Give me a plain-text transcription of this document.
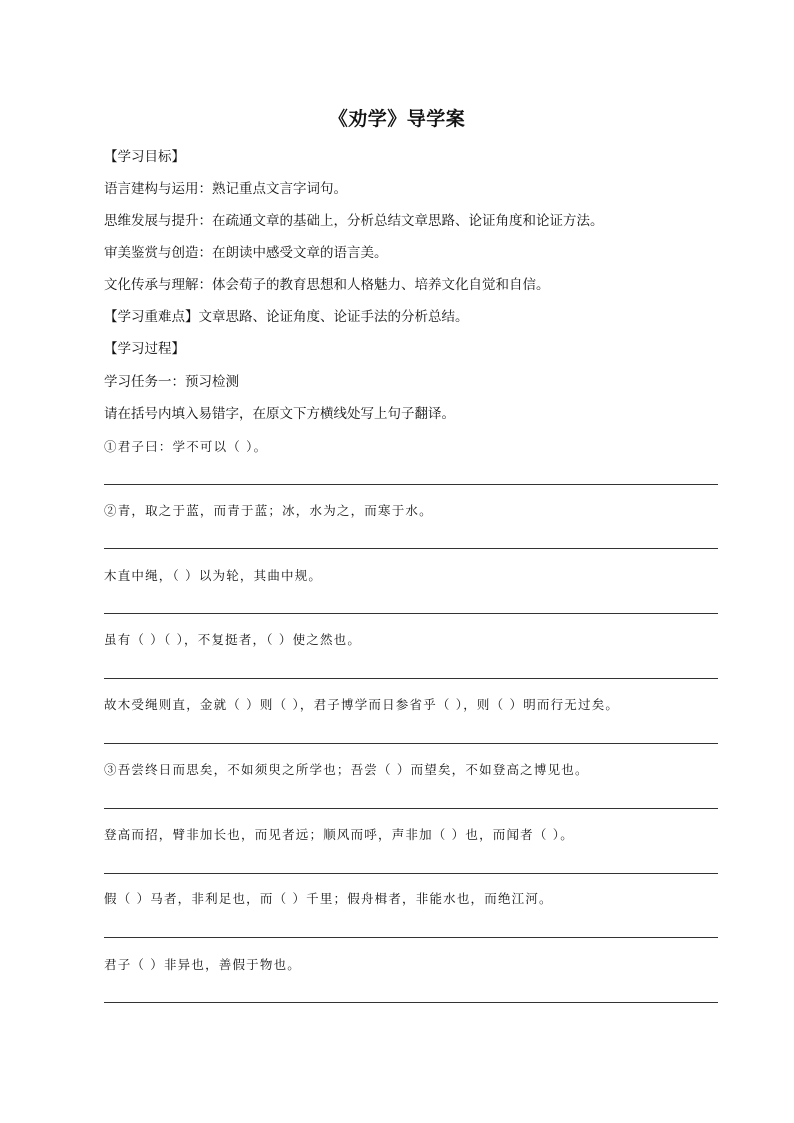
《劝学》导学案
【学习目标】
语言建构与运用：熟记重点文言字词句。
思维发展与提升：在疏通文章的基础上，分析总结文章思路、论证角度和论证方法。
审美鉴赏与创造：在朗读中感受文章的语言美。
文化传承与理解：体会荀子的教育思想和人格魅力、培养文化自觉和自信。
【学习重难点】文章思路、论证角度、论证手法的分析总结。
【学习过程】
学习任务一：预习检测
请在括号内填入易错字，在原文下方横线处写上句子翻译。
①君子曰：学不可以（ ）。
②青，取之于蓝，而青于蓝；冰，水为之，而寒于水。
木直中绳，（ ）以为轮，其曲中规。
虽有（ ）（ ），不复挺者，（ ）使之然也。
故木受绳则直，金就（ ）则（ ），君子博学而日参省乎（ ），则（ ）明而行无过矣。
③吾尝终日而思矣，不如须臾之所学也；吾尝（ ）而望矣，不如登高之博见也。
登高而招，臂非加长也，而见者远；顺风而呼，声非加（ ）也，而闻者（ ）。
假（ ）马者，非利足也，而（ ）千里；假舟楫者，非能水也，而绝江河。
君子（ ）非异也，善假于物也。
